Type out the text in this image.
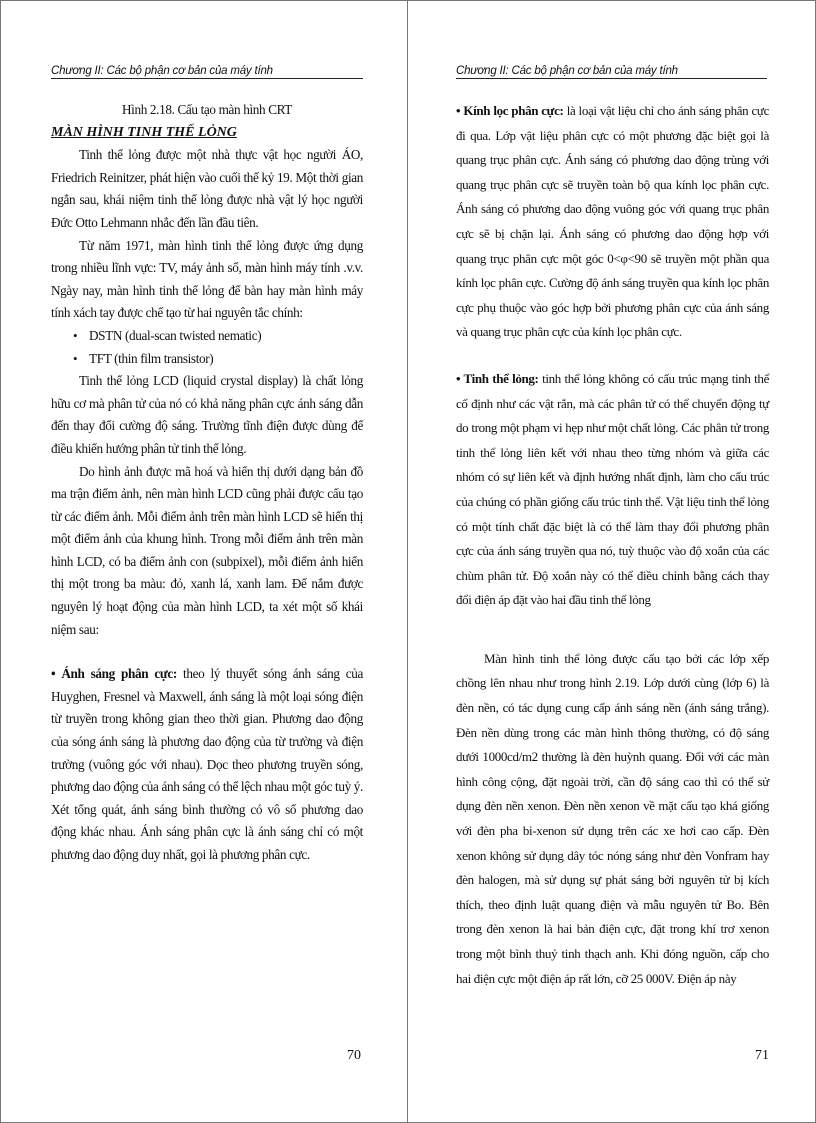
Chương II: Các bộ phận cơ bản của máy tính

Hình 2.18. Cấu tạo màn hình CRT

MÀN HÌNH TINH THỂ LỎNG

Tinh thể lỏng được một nhà thực vật học người ÁO, Friedrich Reinitzer, phát hiện vào cuối thế kỷ 19. Một thời gian ngắn sau, khái niệm tinh thể lỏng được nhà vật lý học người Đức Otto Lehmann nhắc đến lần đầu tiên.

Từ năm 1971, màn hình tinh thể lỏng được ứng dụng trong nhiều lĩnh vực: TV, máy ảnh số, màn hình máy tính .v.v. Ngày nay, màn hình tinh thể lỏng để bàn hay màn hình máy tính xách tay được chế tạo từ hai nguyên tắc chính:

• DSTN (dual-scan twisted nematic)
• TFT (thin film transistor)

Tinh thể lỏng LCD (liquid crystal display) là chất lỏng hữu cơ mà phân tử của nó có khả năng phân cực ánh sáng dẫn đến thay đổi cường độ sáng. Trường tĩnh điện được dùng để điều khiển hướng phân tử tinh thể lỏng.

Do hình ảnh được mã hoá và hiển thị dưới dạng bản đồ ma trận điểm ảnh, nên màn hình LCD cũng phải được cấu tạo từ các điểm ảnh. Mỗi điểm ảnh trên màn hình LCD sẽ hiển thị một điểm ảnh của khung hình. Trong mỗi điểm ảnh trên màn hình LCD, có ba điểm ảnh con (subpixel), mỗi điểm ảnh hiển thị một trong ba màu: đỏ, xanh lá, xanh lam. Để nắm được nguyên lý hoạt động của màn hình LCD, ta xét một số khái niệm sau:

• Ánh sáng phân cực: theo lý thuyết sóng ánh sáng của Huyghen, Fresnel và Maxwell, ánh sáng là một loại sóng điện từ truyền trong không gian theo thời gian. Phương dao động của sóng ánh sáng là phương dao động của từ trường và điện trường (vuông góc với nhau). Dọc theo phương truyền sóng, phương dao động của ánh sáng có thể lệch nhau một góc tuỳ ý. Xét tổng quát, ánh sáng bình thường có vô số phương dao động khác nhau. Ánh sáng phân cực là ánh sáng chỉ có một phương dao động duy nhất, gọi là phương phân cực.

70
Chương II: Các bộ phận cơ bản của máy tính

• Kính lọc phân cực: là loại vật liệu chỉ cho ánh sáng phân cực đi qua. Lớp vật liệu phân cực có một phương đặc biệt gọi là quang trục phân cực. Ánh sáng có phương dao động trùng với quang trục phân cực sẽ truyền toàn bộ qua kính lọc phân cực. Ánh sáng có phương dao động vuông góc với quang trục phân cực sẽ bị chặn lại. Ánh sáng có phương dao động hợp với quang trục phân cực một góc 0<φ<90 sẽ truyền một phần qua kính lọc phân cực. Cường độ ánh sáng truyền qua kính lọc phân cực phụ thuộc vào góc hợp bởi phương phân cực của ánh sáng và quang trục phân cực của kính lọc phân cực.

• Tinh thể lỏng: tinh thể lỏng không có cấu trúc mạng tinh thể cố định như các vật rắn, mà các phân tử có thể chuyển động tự do trong một phạm vi hẹp như một chất lỏng. Các phân tử trong tinh thể lỏng liên kết với nhau theo từng nhóm và giữa các nhóm có sự liên kết và định hướng nhất định, làm cho cấu trúc của chúng có phần giống cấu trúc tinh thể. Vật liệu tinh thể lỏng có một tính chất đặc biệt là có thể làm thay đổi phương phân cực của ánh sáng truyền qua nó, tuỳ thuộc vào độ xoắn của các chùm phân tử. Độ xoắn này có thể điều chỉnh bằng cách thay đổi điện áp đặt vào hai đầu tinh thể lỏng

Màn hình tinh thể lỏng được cấu tạo bởi các lớp xếp chồng lên nhau như trong hình 2.19. Lớp dưới cùng (lớp 6) là đèn nền, có tác dụng cung cấp ánh sáng nền (ánh sáng trắng). Đèn nền dùng trong các màn hình thông thường, có độ sáng dưới 1000cd/m2 thường là đèn huỳnh quang. Đối với các màn hình công cộng, đặt ngoài trời, cần độ sáng cao thì có thể sử dụng đèn nền xenon. Đèn nền xenon về mặt cấu tạo khá giống với đèn pha bi-xenon sử dụng trên các xe hơi cao cấp. Đèn xenon không sử dụng dây tóc nóng sáng như đèn Vonfram hay đèn halogen, mà sử dụng sự phát sáng bởi nguyên tử bị kích thích, theo định luật quang điện và mẫu nguyên tử Bo. Bên trong đèn xenon là hai bản điện cực, đặt trong khí trơ xenon trong một bình thuỷ tinh thạch anh. Khi đóng nguồn, cấp cho hai điện cực một điện áp rất lớn, cỡ 25 000V. Điện áp này

71
